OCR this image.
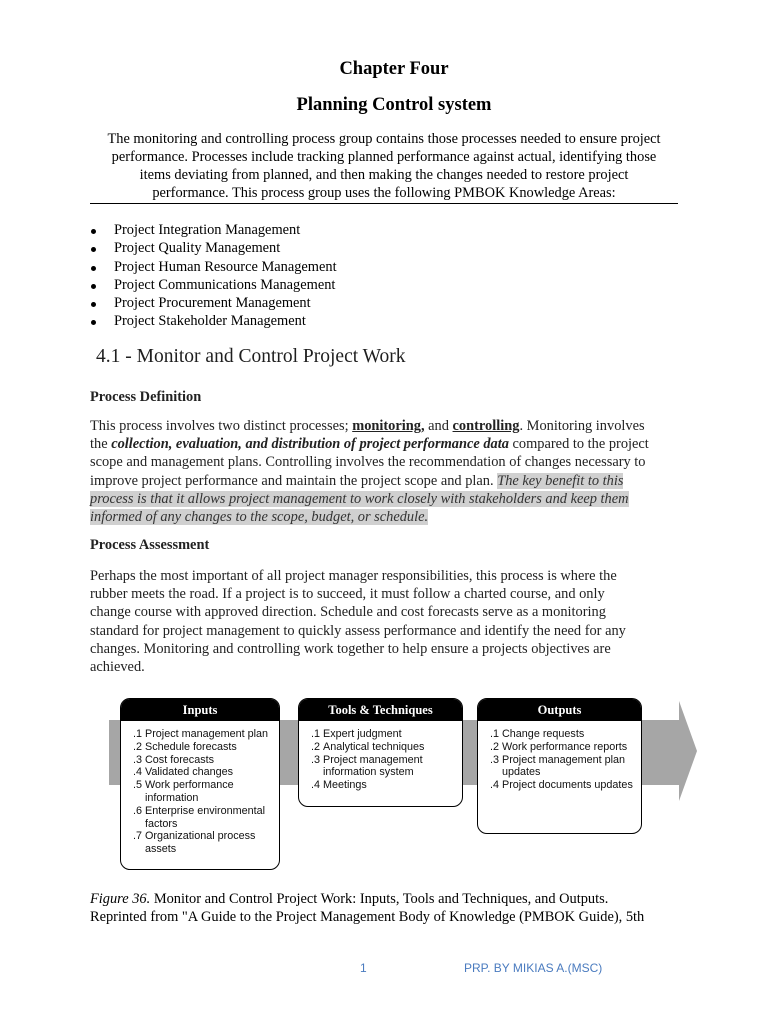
Chapter Four
Planning Control system
The monitoring and controlling process group contains those processes needed to ensure project
performance. Processes include tracking planned performance against actual, identifying those
items deviating from planned, and then making the changes needed to restore project
performance. This process group uses the following PMBOK Knowledge Areas:
Project Integration Management
Project Quality Management
Project Human Resource Management
Project Communications Management
Project Procurement Management
Project Stakeholder Management
4.1 - Monitor and Control Project Work
Process Definition
This process involves two distinct processes; monitoring, and controlling. Monitoring involves
the collection, evaluation, and distribution of project performance data compared to the project
scope and management plans. Controlling involves the recommendation of changes necessary to
improve project performance and maintain the project scope and plan. The key benefit to this
process is that it allows project management to work closely with stakeholders and keep them
informed of any changes to the scope, budget, or schedule.
Process Assessment
Perhaps the most important of all project manager responsibilities, this process is where the
rubber meets the road. If a project is to succeed, it must follow a charted course, and only
change course with approved direction. Schedule and cost forecasts serve as a monitoring
standard for project management to quickly assess performance and identify the need for any
changes. Monitoring and controlling work together to help ensure a projects objectives are
achieved.
Inputs
.1 Project management plan
.2 Schedule forecasts
.3 Cost forecasts
.4 Validated changes
.5 Work performance information
.6 Enterprise environmental factors
.7 Organizational process assets
Tools & Techniques
.1 Expert judgment
.2 Analytical techniques
.3 Project management information system
.4 Meetings
Outputs
.1 Change requests
.2 Work performance reports
.3 Project management plan updates
.4 Project documents updates
Figure 36. Monitor and Control Project Work: Inputs, Tools and Techniques, and Outputs.
Reprinted from "A Guide to the Project Management Body of Knowledge (PMBOK Guide), 5th
1	PRP. BY MIKIAS A.(MSC)
